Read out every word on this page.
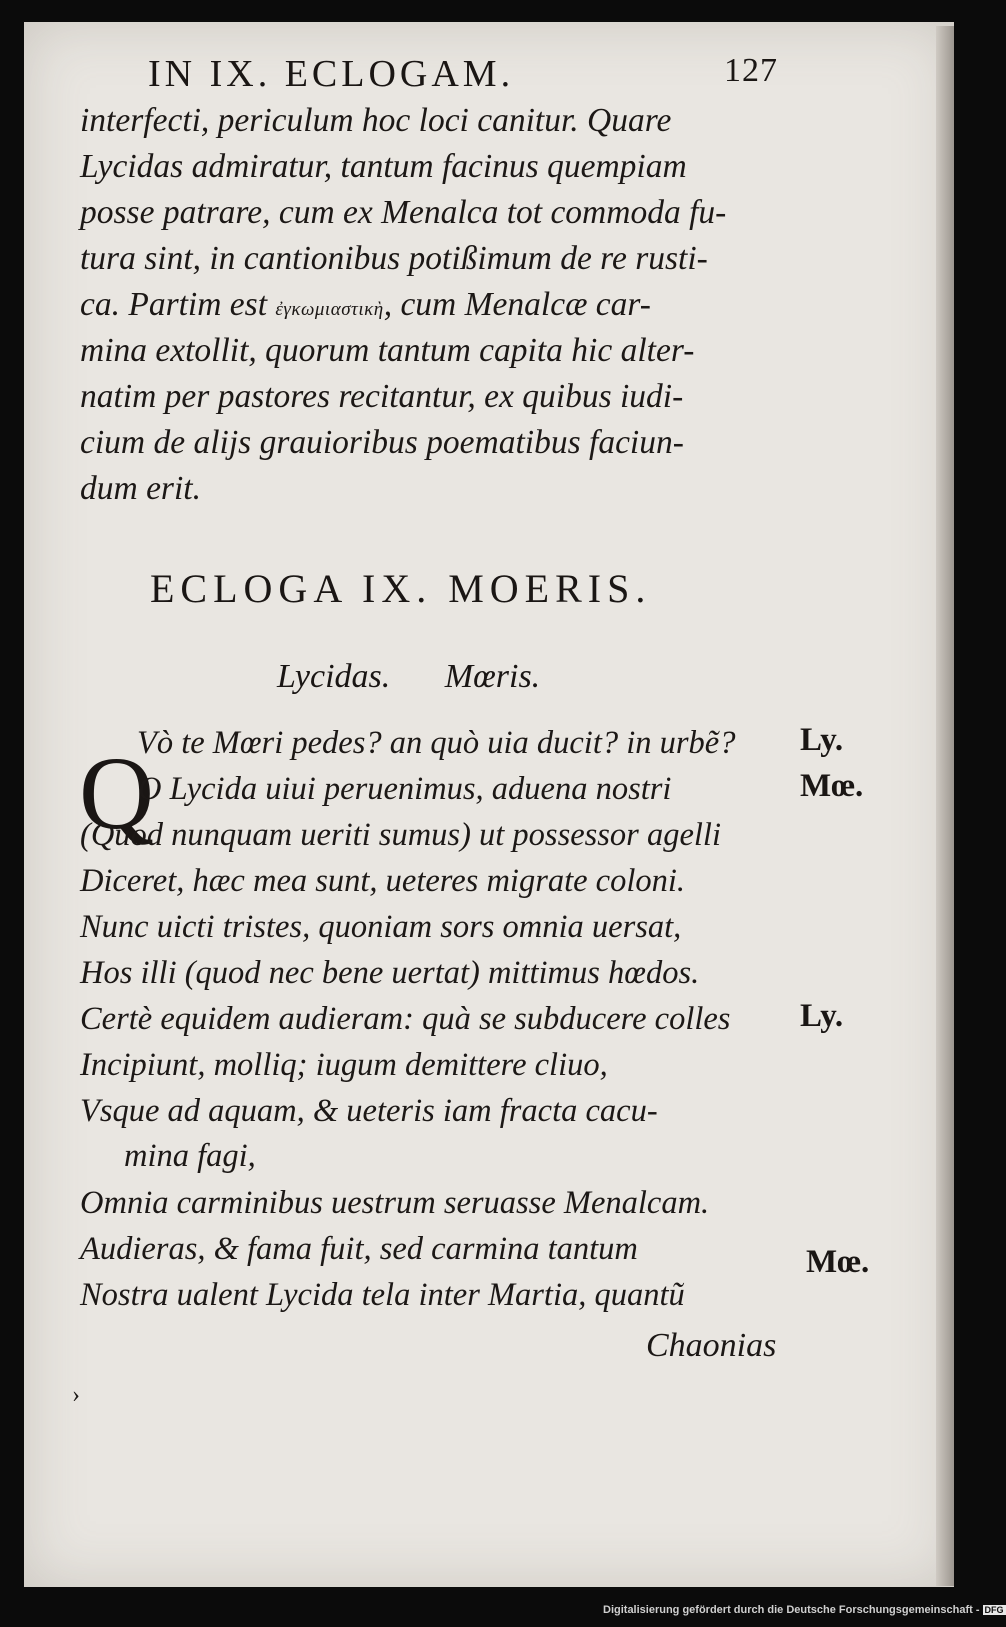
IN IX. ECLOGAM.	127
interfecti, periculum hoc loci canitur. Quare
Lycidas admiratur, tantum facinus quempiam
posse patrare, cum ex Menalca tot commoda fu-
tura sint, in cantionibus potißimum de re rusti-
ca. Partim est ἐγκωμιαστικὴ, cum Menalcæ car-
mina extollit, quorum tantum capita hic alter-
natim per pastores recitantur, ex quibus iudi-
cium de alijs grauioribus poematibus faciun-
dum erit.
ECLOGA IX. MOERIS.
Lycidas. Mœris.
Q
Vò te Mœri pedes? an quò uia ducit? in urbẽ?
O Lycida uiui peruenimus, aduena nostri
(Quod nunquam ueriti sumus) ut possessor agelli
Diceret, hæc mea sunt, ueteres migrate coloni.
Nunc uicti tristes, quoniam sors omnia uersat,
Hos illi (quod nec bene uertat) mittimus hœdos.
Certè equidem audieram: quà se subducere colles
Incipiunt, molliq; iugum demittere cliuo,
Vsque ad aquam, & ueteris iam fracta cacu-
mina fagi,
Omnia carminibus uestrum seruasse Menalcam.
Audieras, & fama fuit, sed carmina tantum
Nostra ualent Lycida tela inter Martia, quantũ
Ly.
Mœ.
Ly.
Mœ.
Chaonias
›
Digitalisierung gefördert durch die Deutsche Forschungsgemeinschaft - DFG
